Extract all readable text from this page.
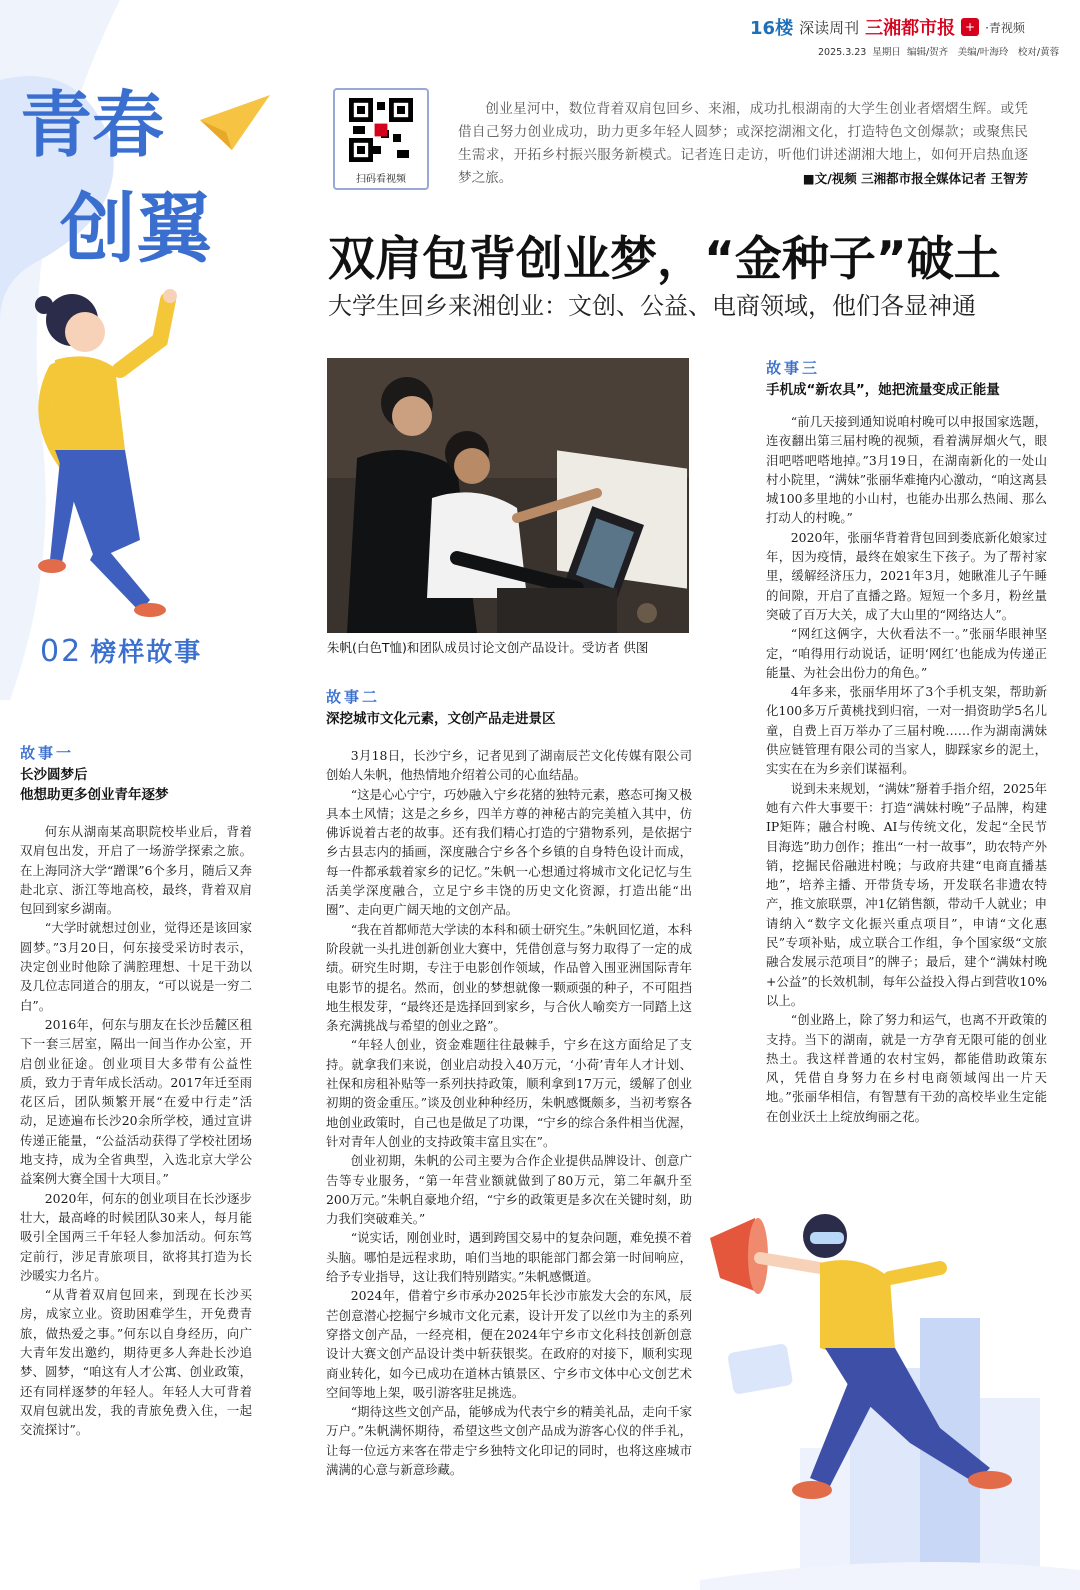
16楼 深读周刊 三湘都市报 + ·青视频
2025.3.23 星期日 编辑/贺齐　美编/叶海玲　校对/黄蓉
青春
创翼
02 榜样故事
扫码看视频
创业星河中，数位背着双肩包回乡、来湘，成功扎根湖南的大学生创业者熠熠生辉。或凭借自己努力创业成功，助力更多年轻人圆梦；或深挖湖湘文化，打造特色文创爆款；或聚焦民生需求，开拓乡村振兴服务新模式。记者连日走访，听他们讲述湖湘大地上，如何开启热血逐梦之旅。	■文/视频 三湘都市报全媒体记者 王智芳
双肩包背创业梦，“金种子”破土
大学生回乡来湘创业：文创、公益、电商领域，他们各显神通
朱帆(白色T恤)和团队成员讨论文创产品设计。受访者 供图
故事一
长沙圆梦后
他想助更多创业青年逐梦

何东从湖南某高职院校毕业后，背着双肩包出发，开启了一场游学探索之旅。在上海同济大学“蹭课”6个多月，随后又奔赴北京、浙江等地高校，最终，背着双肩包回到家乡湖南。

“大学时就想过创业，觉得还是该回家圆梦。”3月20日，何东接受采访时表示，决定创业时他除了满腔理想、十足干劲以及几位志同道合的朋友，“可以说是一穷二白”。

2016年，何东与朋友在长沙岳麓区租下一套三居室，隔出一间当作办公室，开启创业征途。创业项目大多带有公益性质，致力于青年成长活动。2017年迁至雨花区后，团队频繁开展“在爱中行走”活动，足迹遍布长沙20余所学校，通过宣讲传递正能量，“公益活动获得了学校社团场地支持，成为全省典型，入选北京大学公益案例大赛全国十大项目。”

2020年，何东的创业项目在长沙逐步壮大，最高峰的时候团队30来人，每月能吸引全国两三千年轻人参加活动。何东笃定前行，涉足青旅项目，欲将其打造为长沙暖实力名片。

“从背着双肩包回来，到现在长沙买房，成家立业。资助困难学生，开免费青旅，做热爱之事。”何东以自身经历，向广大青年发出邀约，期待更多人奔赴长沙追梦、圆梦，“咱这有人才公寓、创业政策，还有同样逐梦的年轻人。年轻人大可背着双肩包就出发，我的青旅免费入住，一起交流探讨”。

故事二
深挖城市文化元素，文创产品走进景区

3月18日，长沙宁乡，记者见到了湖南辰芒文化传媒有限公司创始人朱帆，他热情地介绍着公司的心血结晶。

“这是心心宁宁，巧妙融入宁乡花猪的独特元素，憨态可掬又极具本土风情；这是之乡乡，四羊方尊的神秘古韵完美植入其中，仿佛诉说着古老的故事。还有我们精心打造的宁猎物系列，是依据宁乡古县志内的插画，深度融合宁乡各个乡镇的自身特色设计而成，每一件都承载着家乡的记忆。”朱帆一心想通过将城市文化记忆与生活美学深度融合，立足宁乡丰饶的历史文化资源，打造出能“出圈”、走向更广阔天地的文创产品。

“我在首都师范大学读的本科和硕士研究生。”朱帆回忆道，本科阶段就一头扎进创新创业大赛中，凭借创意与努力取得了一定的成绩。研究生时期，专注于电影创作领域，作品曾入围亚洲国际青年电影节的提名。然而，创业的梦想就像一颗顽强的种子，不可阻挡地生根发芽，“最终还是选择回到家乡，与合伙人喻奕方一同踏上这条充满挑战与希望的创业之路”。

“年轻人创业，资金难题往往最棘手，宁乡在这方面给足了支持。就拿我们来说，创业启动投入40万元，‘小荷’青年人才计划、社保和房租补贴等一系列扶持政策，顺利拿到17万元，缓解了创业初期的资金重压。”谈及创业种种经历，朱帆感慨颇多，当初考察各地创业政策时，自己也是做足了功课，“宁乡的综合条件相当优渥，针对青年人创业的支持政策丰富且实在”。

创业初期，朱帆的公司主要为合作企业提供品牌设计、创意广告等专业服务，“第一年营业额就做到了80万元，第二年飙升至200万元。”朱帆自豪地介绍，“宁乡的政策更是多次在关键时刻，助力我们突破难关。”

“说实话，刚创业时，遇到跨国交易中的复杂问题，难免摸不着头脑。哪怕是远程求助，咱们当地的职能部门都会第一时间响应，给予专业指导，这让我们特别踏实。”朱帆感慨道。

2024年，借着宁乡市承办2025年长沙市旅发大会的东风，辰芒创意潜心挖掘宁乡城市文化元素，设计开发了以丝巾为主的系列穿搭文创产品，一经亮相，便在2024年宁乡市文化科技创新创意设计大赛文创产品设计类中斩获银奖。在政府的对接下，顺利实现商业转化，如今已成功在道林古镇景区、宁乡市文体中心文创艺术空间等地上架，吸引游客驻足挑选。

“期待这些文创产品，能够成为代表宁乡的精美礼品，走向千家万户。”朱帆满怀期待，希望这些文创产品成为游客心仪的伴手礼，让每一位远方来客在带走宁乡独特文化印记的同时，也将这座城市满满的心意与新意珍藏。

故事三
手机成“新农具”，她把流量变成正能量

“前几天接到通知说咱村晚可以申报国家选题，连夜翻出第三届村晚的视频，看着满屏烟火气，眼泪吧嗒吧嗒地掉。”3月19日，在湖南新化的一处山村小院里，“满妹”张丽华难掩内心激动，“咱这离县城100多里地的小山村，也能办出那么热闹、那么打动人的村晚。”

2020年，张丽华背着背包回到娄底新化娘家过年，因为疫情，最终在娘家生下孩子。为了帮衬家里，缓解经济压力，2021年3月，她瞅准儿子午睡的间隙，开启了直播之路。短短一个多月，粉丝量突破了百万大关，成了大山里的“网络达人”。

“网红这俩字，大伙看法不一。”张丽华眼神坚定，“咱得用行动说话，证明‘网红’也能成为传递正能量、为社会出份力的角色。”

4年多来，张丽华用坏了3个手机支架，帮助新化100多万斤黄桃找到归宿，一对一捐资助学5名儿童，自费上百万举办了三届村晚……作为湖南满妹供应链管理有限公司的当家人，脚踩家乡的泥土，实实在在为乡亲们谋福利。

说到未来规划，“满妹”掰着手指介绍，2025年她有六件大事要干：打造“满妹村晚”子品牌，构建IP矩阵；融合村晚、AI与传统文化，发起“全民节目海选”助力创作；推出“一村一故事”，助农特产外销，挖掘民俗融进村晚；与政府共建“电商直播基地”，培养主播、开带货专场，开发联名非遗农特产，推文旅联票，冲1亿销售额，带动千人就业；申请纳入“数字文化振兴重点项目”，申请“文化惠民”专项补贴，成立联合工作组，争个国家级“文旅融合发展示范项目”的牌子；最后，建个“满妹村晚+公益”的长效机制，每年公益投入得占到营收10%以上。

“创业路上，除了努力和运气，也离不开政策的支持。当下的湖南，就是一方孕育无限可能的创业热土。我这样普通的农村宝妈，都能借助政策东风，凭借自身努力在乡村电商领域闯出一片天地。”张丽华相信，有智慧有干劲的高校毕业生定能在创业沃土上绽放绚丽之花。
